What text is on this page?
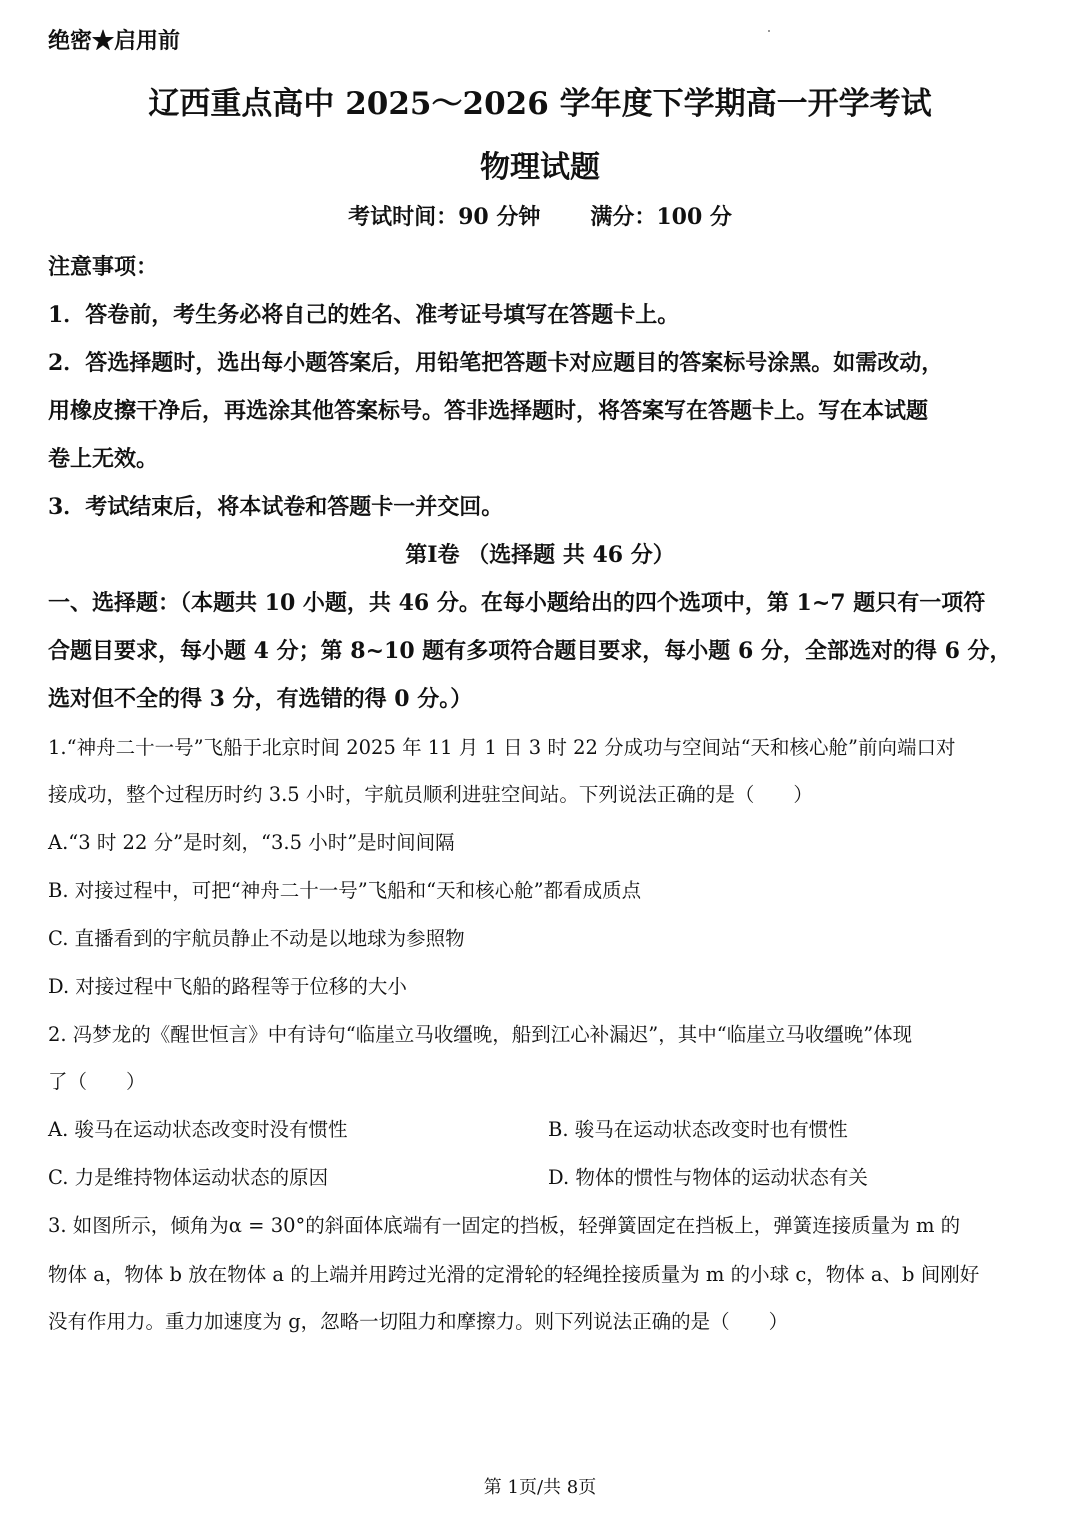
绝密★启用前
辽西重点高中 2025～2026 学年度下学期高一开学考试
物理试题
考试时间：90 分钟 满分：100 分
注意事项：
1．答卷前，考生务必将自己的姓名、准考证号填写在答题卡上。
2．答选择题时，选出每小题答案后，用铅笔把答题卡对应题目的答案标号涂黑。如需改动，
用橡皮擦干净后，再选涂其他答案标号。答非选择题时，将答案写在答题卡上。写在本试题
卷上无效。
3．考试结束后，将本试卷和答题卡一并交回。
第Ⅰ卷 （选择题 共 46 分）
一、选择题：（本题共 10 小题，共 46 分。在每小题给出的四个选项中，第 1~7 题只有一项符
合题目要求，每小题 4 分；第 8~10 题有多项符合题目要求，每小题 6 分，全部选对的得 6 分，
选对但不全的得 3 分，有选错的得 0 分。）
1.“神舟二十一号”飞船于北京时间 2025 年 11 月 1 日 3 时 22 分成功与空间站“天和核心舱”前向端口对
接成功，整个过程历时约 3.5 小时，宇航员顺利进驻空间站。下列说法正确的是（　　）
A.“3 时 22 分”是时刻，“3.5 小时”是时间间隔
B. 对接过程中，可把“神舟二十一号”飞船和“天和核心舱”都看成质点
C. 直播看到的宇航员静止不动是以地球为参照物
D. 对接过程中飞船的路程等于位移的大小
2. 冯梦龙的《醒世恒言》中有诗句“临崖立马收缰晚，船到江心补漏迟”，其中“临崖立马收缰晚”体现
了（　　）
A. 骏马在运动状态改变时没有惯性	B. 骏马在运动状态改变时也有惯性
C. 力是维持物体运动状态的原因	D. 物体的惯性与物体的运动状态有关
3. 如图所示，倾角为α = 30°的斜面体底端有一固定的挡板，轻弹簧固定在挡板上，弹簧连接质量为 m 的
物体 a，物体 b 放在物体 a 的上端并用跨过光滑的定滑轮的轻绳拴接质量为 m 的小球 c，物体 a、b 间刚好
没有作用力。重力加速度为 g，忽略一切阻力和摩擦力。则下列说法正确的是（　　）
第 1页/共 8页
